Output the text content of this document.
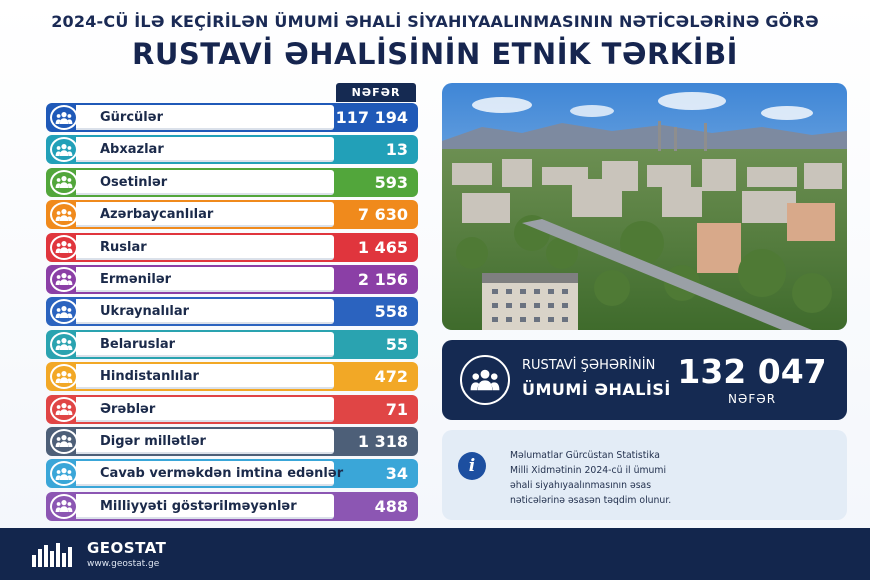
2024-CÜ İLƏ KEÇİRİLƏN ÜMUMİ ƏHALİ SİYAHIYAALINMASININ NƏTİCƏLƏRİNƏ GÖRƏ
RUSTAVİ ƏHALİSİNİN ETNİK TƏRKİBİ
NƏFƏR
Gürcülər	117 194
Abxazlar	13
Osetinlər	593
Azərbaycanlılar	7 630
Ruslar	1 465
Ermənilər	2 156
Ukraynalılar	558
Belaruslar	55
Hindistanlılar	472
Ərəblər	71
Digər millətlər	1 318
Cavab verməkdən imtina edənlər	34
Milliyyəti göstərilməyənlər	488
RUSTAVİ ŞƏHƏRİNİN
ÜMUMİ ƏHALİSİ 132 047
NƏFƏR
i
Məlumatlar Gürcüstan Statistika
Milli Xidmətinin 2024-cü il ümumi
əhali siyahıyaalınmasının əsas
nəticələrinə əsasən təqdim olunur.
GEOSTAT
www.geostat.ge
